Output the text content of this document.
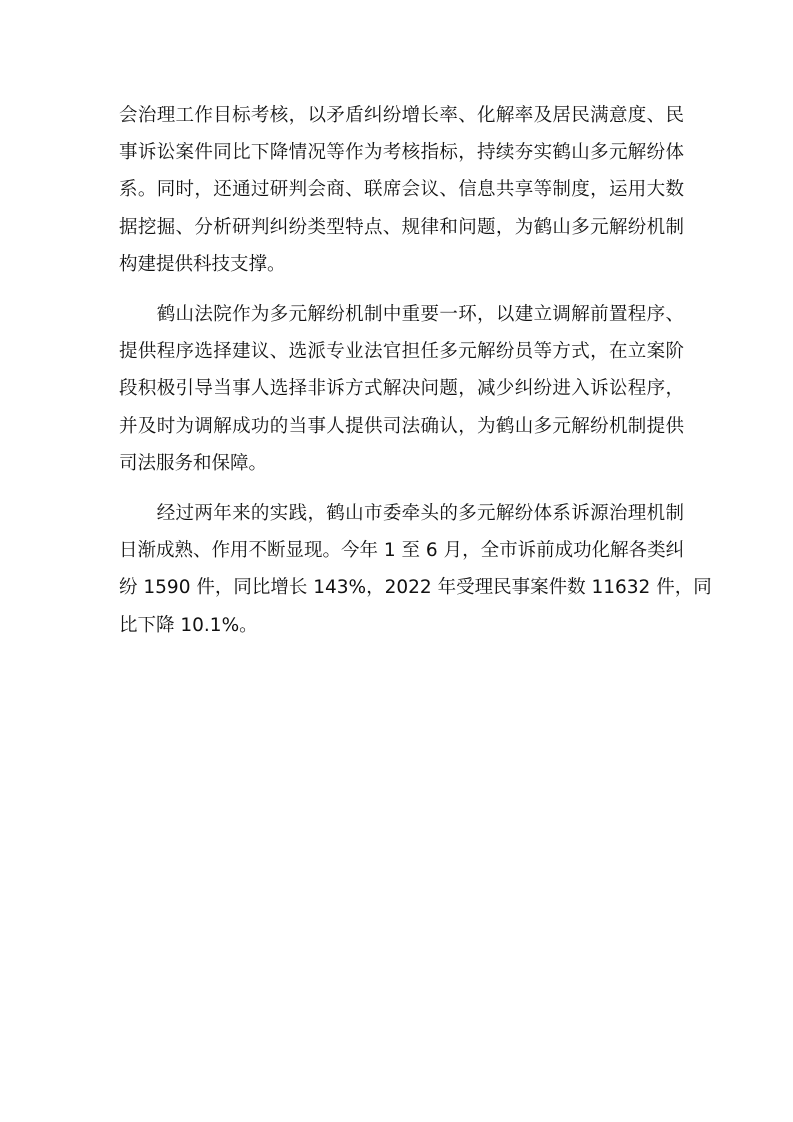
会治理工作目标考核，以矛盾纠纷增长率、化解率及居民满意度、民
事诉讼案件同比下降情况等作为考核指标，持续夯实鹤山多元解纷体
系。同时，还通过研判会商、联席会议、信息共享等制度，运用大数
据挖掘、分析研判纠纷类型特点、规律和问题，为鹤山多元解纷机制
构建提供科技支撑。

　　鹤山法院作为多元解纷机制中重要一环，以建立调解前置程序、
提供程序选择建议、选派专业法官担任多元解纷员等方式，在立案阶
段积极引导当事人选择非诉方式解决问题，减少纠纷进入诉讼程序，
并及时为调解成功的当事人提供司法确认，为鹤山多元解纷机制提供
司法服务和保障。

　　经过两年来的实践，鹤山市委牵头的多元解纷体系诉源治理机制
日渐成熟、作用不断显现。今年 1 至 6 月，全市诉前成功化解各类纠
纷 1590 件，同比增长 143%，2022 年受理民事案件数 11632 件，同
比下降 10.1%。
